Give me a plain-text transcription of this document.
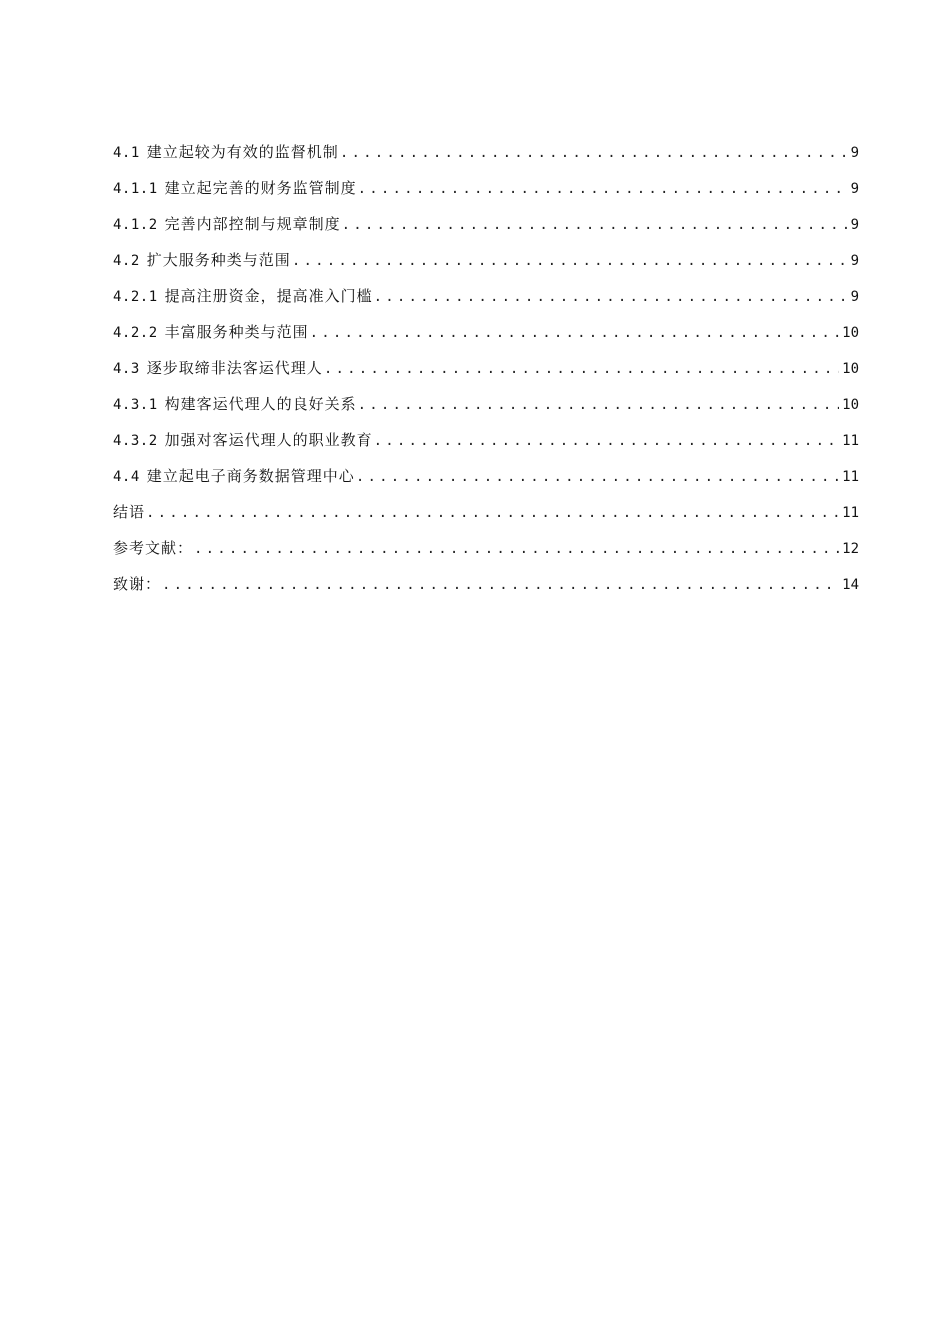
4.1 建立起较为有效的监督机制 .....	9
4.1.1 建立起完善的财务监管制度 .....	9
4.1.2 完善内部控制与规章制度 .....	9
4.2 扩大服务种类与范围 .....	9
4.2.1 提高注册资金，提高准入门槛 .....	9
4.2.2 丰富服务种类与范围 .....	10
4.3 逐步取缔非法客运代理人 .....	10
4.3.1 构建客运代理人的良好关系 .....	10
4.3.2 加强对客运代理人的职业教育 .....	11
4.4 建立起电子商务数据管理中心 .....	11
结语 .....	11
参考文献： .....	12
致谢： .....	14
